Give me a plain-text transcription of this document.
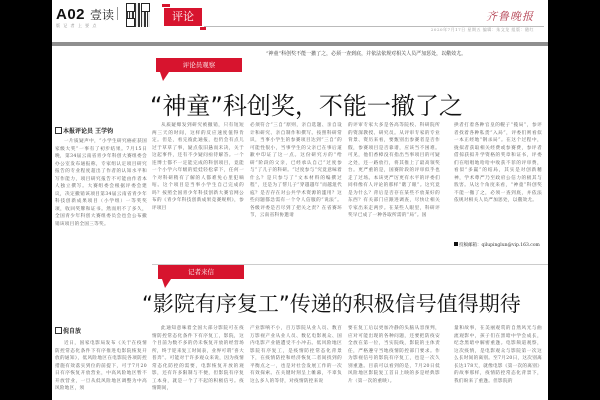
A02 壹读
版 记 者 上 要 点
评论	齐鲁晚报
2020年7月17日 星期五 编辑：朱文龙 组版：随红
评论员观察
“神童”科创奖不能一撤了之，必须一查到底，并依法依规对相关人员严加惩处，以儆效尤。
“神童”科创奖，不能一撤了之
本报评论员 王学钧

一片质疑声中，“小学生研究癌症获国家级大奖”一事有了初步结果。7月15日晚，第34届云南省青少年科创大赛组委会办公室发布通报称，专家组认定项目研究报告的专业程度超出了作者的认知水平和写作能力，项目研究报告不可能由作者本人独立撰写。大赛组委会根据评委会建议，决定撤销该项目第34届云南省青少年科技创新成果项目（小学组）一等奖奖项，收回奖牌和证书。然而用不了多久，全国青少年科创大赛组委员会也会公布撤销该项目的全国三等奖。

从质疑爆发到研究被撤销，只有短短两三天的时间，这样的反应速度值得肯定。但是，看完彼此通报，也仍会有点儿过于草草了事，疑点依旧悬而未决，关于这起事件，还有不少疑问亟待解答。一个连博士都不一定能完成的科创项目，竟能一个小学六年级的娃娃轻松拿下，任何一个对科研稍有了解的人都难免心里犯嘀咕。这个项目是当事小学生自己完成的吗？按照全国青少年科技创新大赛官网公布的《青少年科技创新成果竞赛规则》，参评项目

必须符合“三自”原则，亲自选题、亲自设计和研究、亲自制作和撰写。按照科研常识，当事小学生的参赛项目达到“三自”的可能性很小，当事学生的父亲已在事后道歉中印证了这一点。这份研究方的“给研”阶段的父亲，已经承认自己“过度参与”了儿子的科研。“过度参与”究竟意味着什么？是只参与了“文本材料的编撰过程”，还是为了帮儿子“穿越越年”而越俎代庖？是否存在对公共学术资源的滥用？这些问题都急需有一个令人信服的“说法”。各级评委是否尽到了把关之责？在省赛环节，云南省科协邀请

的评审专家大多是各高等院校、科研院所的资深教授、研究员。从评审专家的专业背景、资历来看，要甄别出参赛者是否作假，参赛项目是否靠谱，应该当不困难。可见，他们香樟没有指出当事项目的可疑之处，还一路放行，将其推上了最高领奖台。更严重的是，国赛阶段的评审似乎也走了过场。本该更严厉更有水平的评委们同样像有人评论的那样“瞎了眼”。这究竟是为什么？背后是否存在某些不放某好的东西？有关部门应跟进调查，尽快让相关专家出来走两步。在某些人眼里，科研评奖早已成了一种各取所需的“局”。国

拱者打着各种官皇的幌子“揽局”，参评者找着各种私货“入局”，评委们则看似一本正经地“钢杀局”。在这个过程中，拢拟者获取相关经费或参赛费，参评者借掠获拟升学资格的奖章和证书，评委们在唱唱地哈哈中收获不菲的评审费，看似“多赢”的结局，其实是对创新精神，学术尊严乃至政府公信力的极其与戕害。从这个角度来看，“神童”科创奖不能一撤了之，必须一查到底，并依法依规对相关人员严加惩处，以儆效尤。

投稿邮箱：qilupinglun@vip.163.com
记者来信
“影院有序复工”传递的积极信号值得期待
倪自放

近日，国家电影局发布《关于在疫情防控常态化条件下有序推进电影院恢复开放的通知》，低风险地区在电影院各项防控措施有效落实到位的前提下，可于7月20日有序恢复开放营业，中高风险地区暂不开放营业，一旦从低风险地区调整为中高风险地区，须

此通知意味着全国大部分影院可在疫情防控常态化条件下有序复工，影院，这个目前为数不多的仍未恢复开放的经营场所，终于迎来复工时间表，业界可谓“喜大普奔”。可能对于许多观众来说，因为疫情常态化防控的需要，电影恢复开放的观影，还有许多限制与不便，但影院有序复工本身，就是一个了不起的积极信号。疫情期间，

产业影响不小，百万影院从业人员、数百万影视产业从业人员、数亿电影观众、国内电影产业链遭受不小冲击。低风险地区影院有序复工，是疫情防控常态化背景下，在疫情防控和经济恢复二者间找到的平衡点之一，也是对社会发展工作的一次有效探索。在关键时刻呈上帷幕，不辜负这么多人的等待，对疫情防控来说

要在复工后以更加冷静的头脑从容预判，应对可能出现的各种问题，还要把防疫安全放在第一位，当实院线，影院的主体责任，严格遵守当地疫情防控部门要求。作为影视信号的影院有序复工，也是一次久别重逢。目前可以看到的是，7月20日低风险地区影院复工首日上映的多是经典影片（第一次的重映）。

量和故事，在美丽观赏的自然风光与曲流观影中，孩子们在黑暗中学会成长，纪念黑暗中解密重逢。电影频道观察，这次疫情，是电影观众与影院第一次这么长时间的离别。至7月20日，这次别离长达178天，就像电影《第一次的离别》的故事那样，疫情防控常态化背景下，我们盼来了重逢。但影院的
